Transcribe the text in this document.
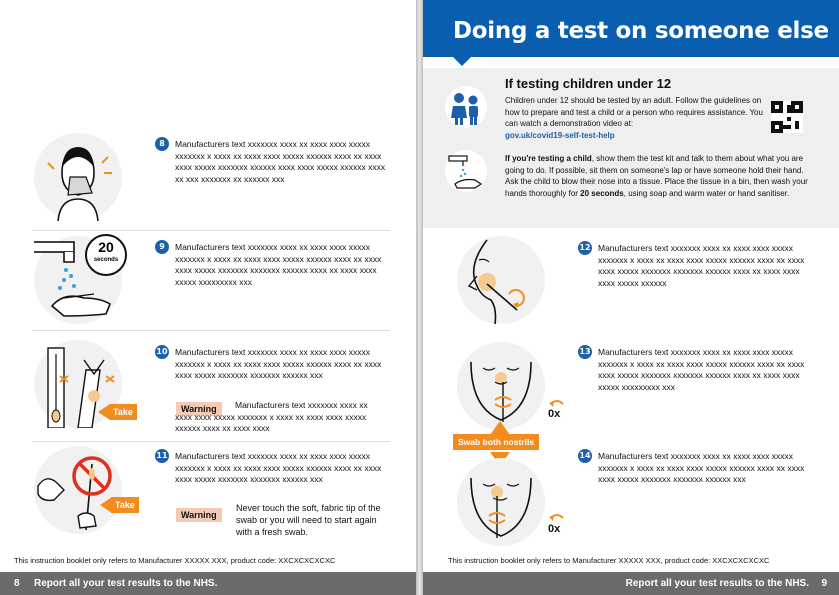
8	Manufacturers text xxxxxxx xxxx xx xxxx xxxx xxxxx xxxxxxx x xxxx xx xxxx xxxx xxxxx xxxxxx xxxx xx xxxx xxxx xxxxx xxxxxxx xxxxxx xxxx xxxx xxxxx xxxxxx xxxx xx xxx xxxxxxx xx xxxxxx xxx
20
seconds
9	Manufacturers text xxxxxxx xxxx xx xxxx xxxx xxxxx xxxxxxx x xxxx xx xxxx xxxx xxxxx xxxxxx xxxx xx xxxx xxxx xxxxx xxxxxxx xxxxxxx xxxxxx xxxx xx xxxx xxxx xxxxx xxxxxxxxx xxx
Take care
10 Manufacturers text xxxxxxx xxxx xx xxxx xxxx xxxxx xxxxxxx x xxxx xx xxxx xxxx xxxxx xxxxxx xxxx xx xxxx xxxx xxxxx xxxxxxx xxxxxxx xxxxxx xxx
Warning	Manufacturers text xxxxxxx xxxx xx xxxx xxxx xxxxx xxxxxxx x xxxx xx xxxx xxxx xxxxx xxxxxx xxxx xx xxxx xxxx
Take care
11 Manufacturers text xxxxxxx xxxx xx xxxx xxxx xxxxx xxxxxxx x xxxx xx xxxx xxxx xxxxx xxxxxx xxxx xx xxxx xxxx xxxxx xxxxxxx xxxxxxx xxxxxx xxx
Warning
Never touch the soft, fabric tip of the swab or you will need to start again with a fresh swab.
This instruction booklet only refers to Manufacturer XXXXX XXX, product code: XXCXCXCXCXC
8 Report all your test results to the NHS.
Doing a test on someone else
If testing children under 12
Children under 12 should be tested by an adult. Follow the guidelines on how to prepare and test a child or a person who requires assistance. You can watch a demonstration video at:
gov.uk/covid19-self-test-help
If you're testing a child, show them the test kit and talk to them about what you are going to do. If possible, sit them on someone's lap or have someone hold their hand. Ask the child to blow their nose into a tissue. Place the tissue in a bin, then wash your hands thoroughly for 20 seconds, using soap and warm water or hand sanitiser.
12 Manufacturers text xxxxxxx xxxx xx xxxx xxxx xxxxx xxxxxxx x xxxx xx xxxx xxxx xxxxx xxxxxx xxxx xx xxxx xxxx xxxxx xxxxxxx xxxxxxx xxxxxx xxxx xx xxxx xxxx xxxx xxxxx xxxxxx
0x
13 Manufacturers text xxxxxxx xxxx xx xxxx xxxx xxxxx xxxxxxx x xxxx xx xxxx xxxx xxxxx xxxxxx xxxx xx xxxx xxxx xxxxx xxxxxxx xxxxxxx xxxxxx xxxx xx xxxx xxxx xxxxx xxxxxxxxx xxx
Swab both nostrils
0x
14 Manufacturers text xxxxxxx xxxx xx xxxx xxxx xxxxx xxxxxxx x xxxx xx xxxx xxxx xxxxx xxxxxx xxxx xx xxxx xxxx xxxxx xxxxxxx xxxxxxx xxxxxx xxx
This instruction booklet only refers to Manufacturer XXXXX XXX, product code: XXCXCXCXCXC
Report all your test results to the NHS. 9
